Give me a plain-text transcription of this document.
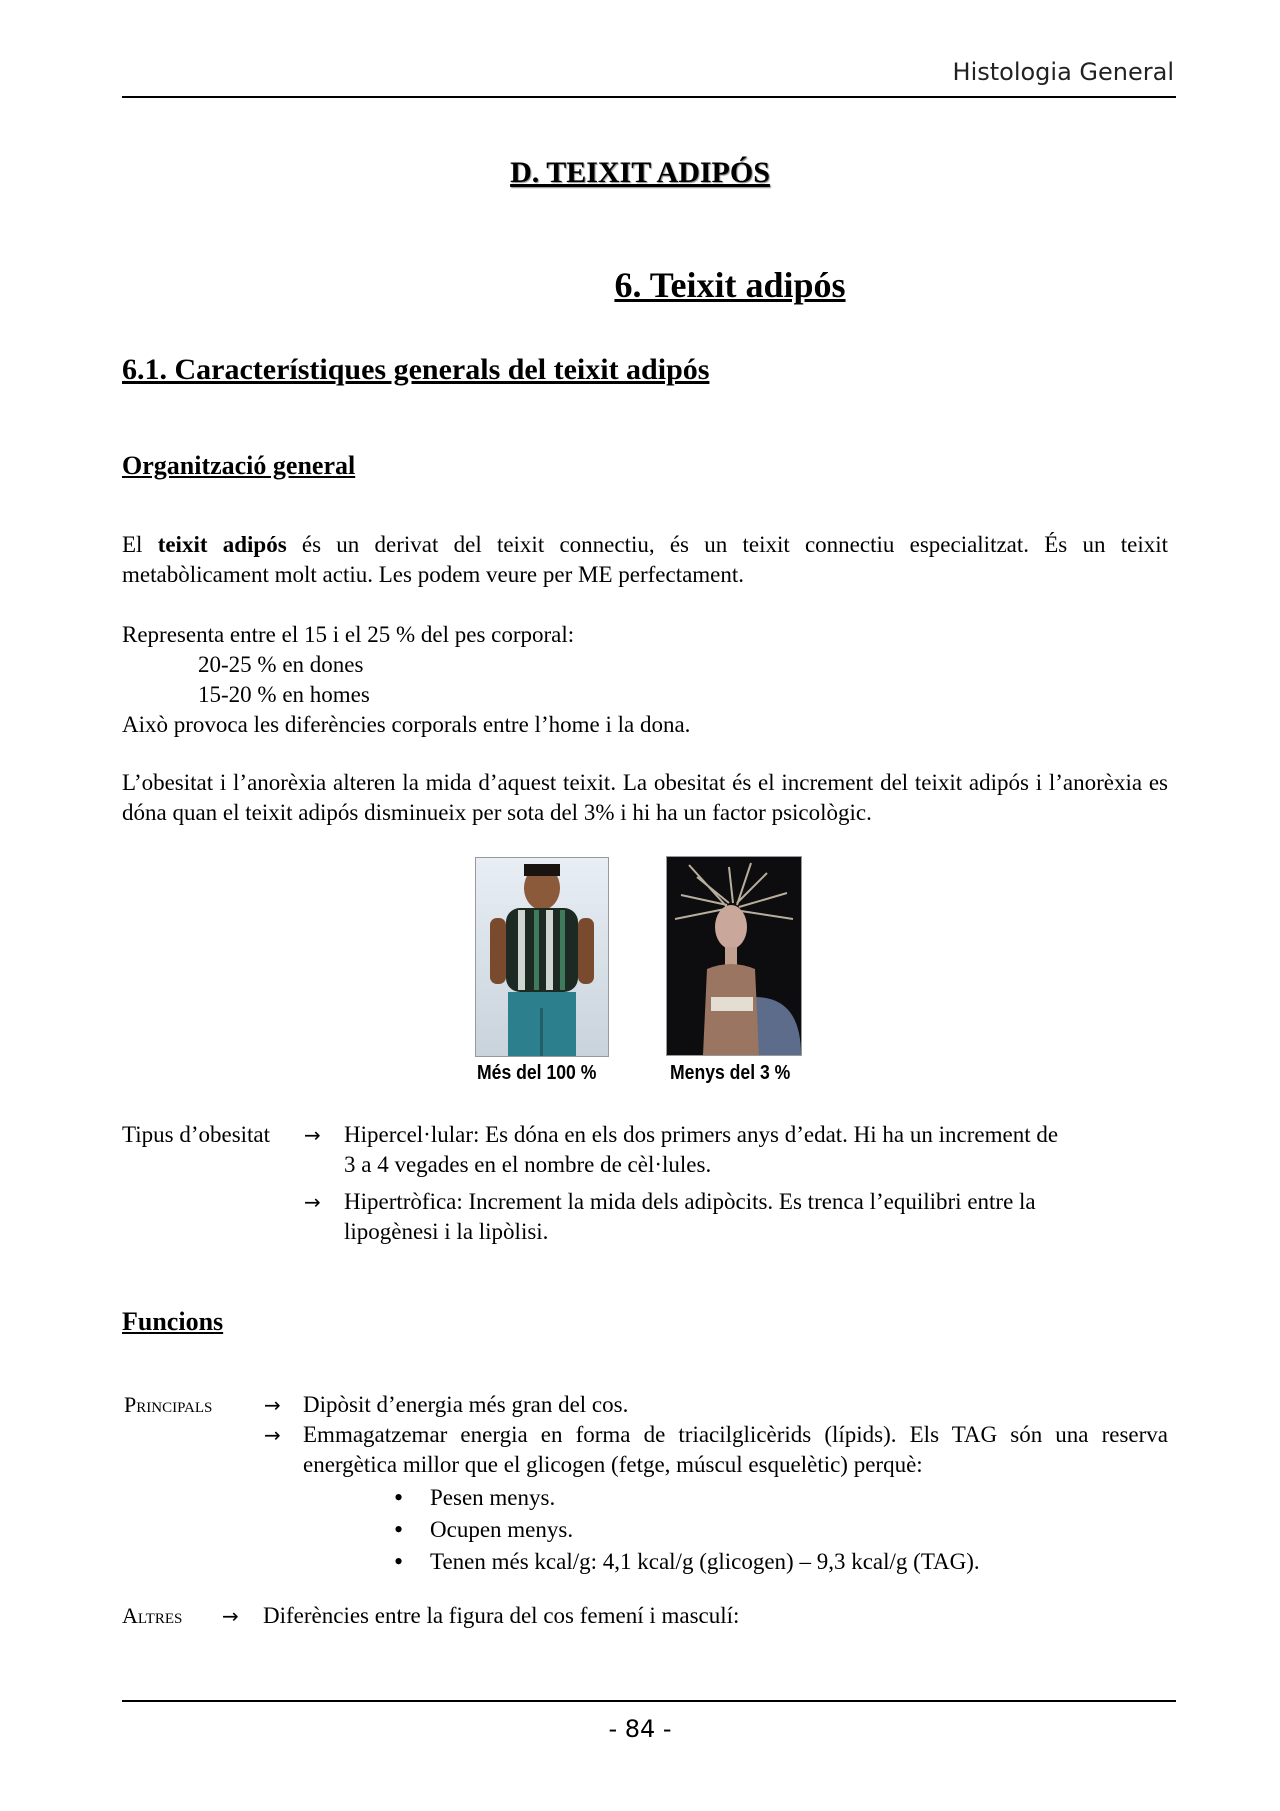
Histologia General
D. TEIXIT ADIPÓS
6. Teixit adipós
6.1. Característiques generals del teixit adipós
Organització general
El teixit adipós és un derivat del teixit connectiu, és un teixit connectiu especialitzat. És un teixit metabòlicament molt actiu. Les podem veure per ME perfectament.
Representa entre el 15 i el 25 % del pes corporal:
20-25 % en dones
15-20 % en homes
Això provoca les diferències corporals entre l’home i la dona.
L’obesitat i l’anorèxia alteren la mida d’aquest teixit. La obesitat és el increment del teixit adipós i l’anorèxia es dóna quan el teixit adipós disminueix per sota del 3% i hi ha un factor psicològic.
Més del 100 %	Menys del 3 %
Tipus d’obesitat → Hipercel·lular: Es dóna en els dos primers anys d’edat. Hi ha un increment de
3 a 4 vegades en el nombre de cèl·lules.
→ Hipertròfica: Increment la mida dels adipòcits. Es trenca l’equilibri entre la
lipogènesi i la lipòlisi.
Funcions
Principals	→ Dipòsit d’energia més gran del cos.
→ Emmagatzemar energia en forma de triacilglicèrids (lípids). Els TAG són una reserva energètica millor que el glicogen (fetge, múscul esquelètic) perquè:
• Pesen menys.
• Ocupen menys.
• Tenen més kcal/g: 4,1 kcal/g (glicogen) – 9,3 kcal/g (TAG).
Altres → Diferències entre la figura del cos femení i masculí:
- 84 -
